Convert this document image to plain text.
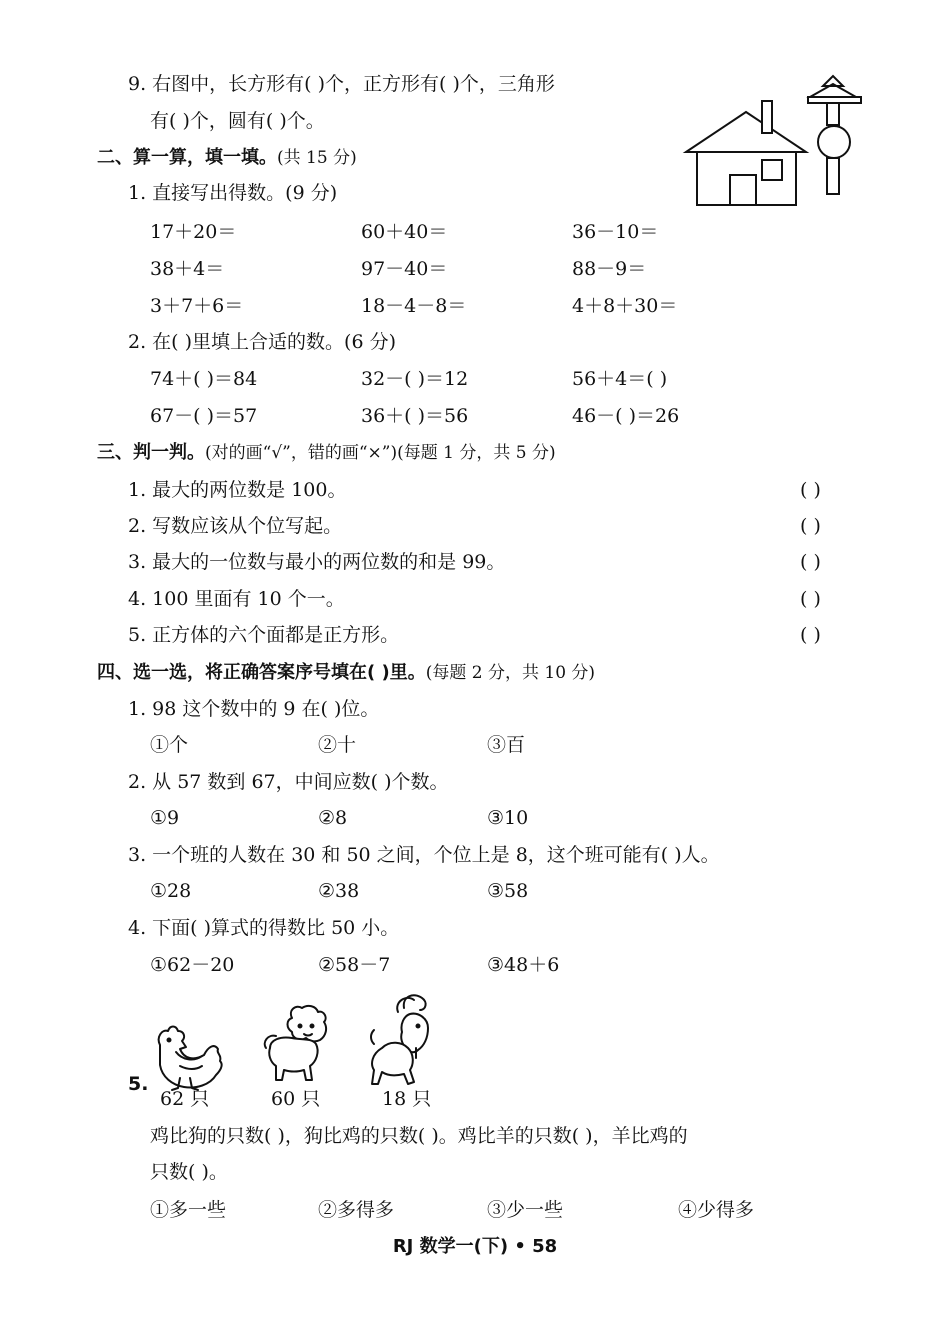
9. 右图中，长方形有( )个，正方形有( )个，三角形
有( )个，圆有( )个。
二、算一算，填一填。(共 15 分)
1. 直接写出得数。(9 分)
17＋20＝	60＋40＝	36－10＝
38＋4＝	97－40＝	88－9＝
3＋7＋6＝	18－4－8＝	4＋8＋30＝
2. 在( )里填上合适的数。(6 分)
74＋( )＝84	32－( )＝12	56＋4＝( )
67－( )＝57	36＋( )＝56	46－( )＝26
三、判一判。(对的画“√”，错的画“×”)(每题 1 分，共 5 分)
1. 最大的两位数是 100。	( )
2. 写数应该从个位写起。	( )
3. 最大的一位数与最小的两位数的和是 99。	( )
4. 100 里面有 10 个一。	( )
5. 正方体的六个面都是正方形。	( )
四、选一选，将正确答案序号填在( )里。(每题 2 分，共 10 分)
1. 98 这个数中的 9 在( )位。
①个	②十	③百
2. 从 57 数到 67，中间应数( )个数。
①9	②8	③10
3. 一个班的人数在 30 和 50 之间，个位上是 8，这个班可能有( )人。
①28	②38	③58
4. 下面( )算式的得数比 50 小。
①62－20	②58－7	③48＋6
5.
62 只	60 只	18 只
鸡比狗的只数( )，狗比鸡的只数( )。鸡比羊的只数( )，羊比鸡的
只数( )。
①多一些	②多得多	③少一些	④少得多
RJ 数学一(下) • 58
